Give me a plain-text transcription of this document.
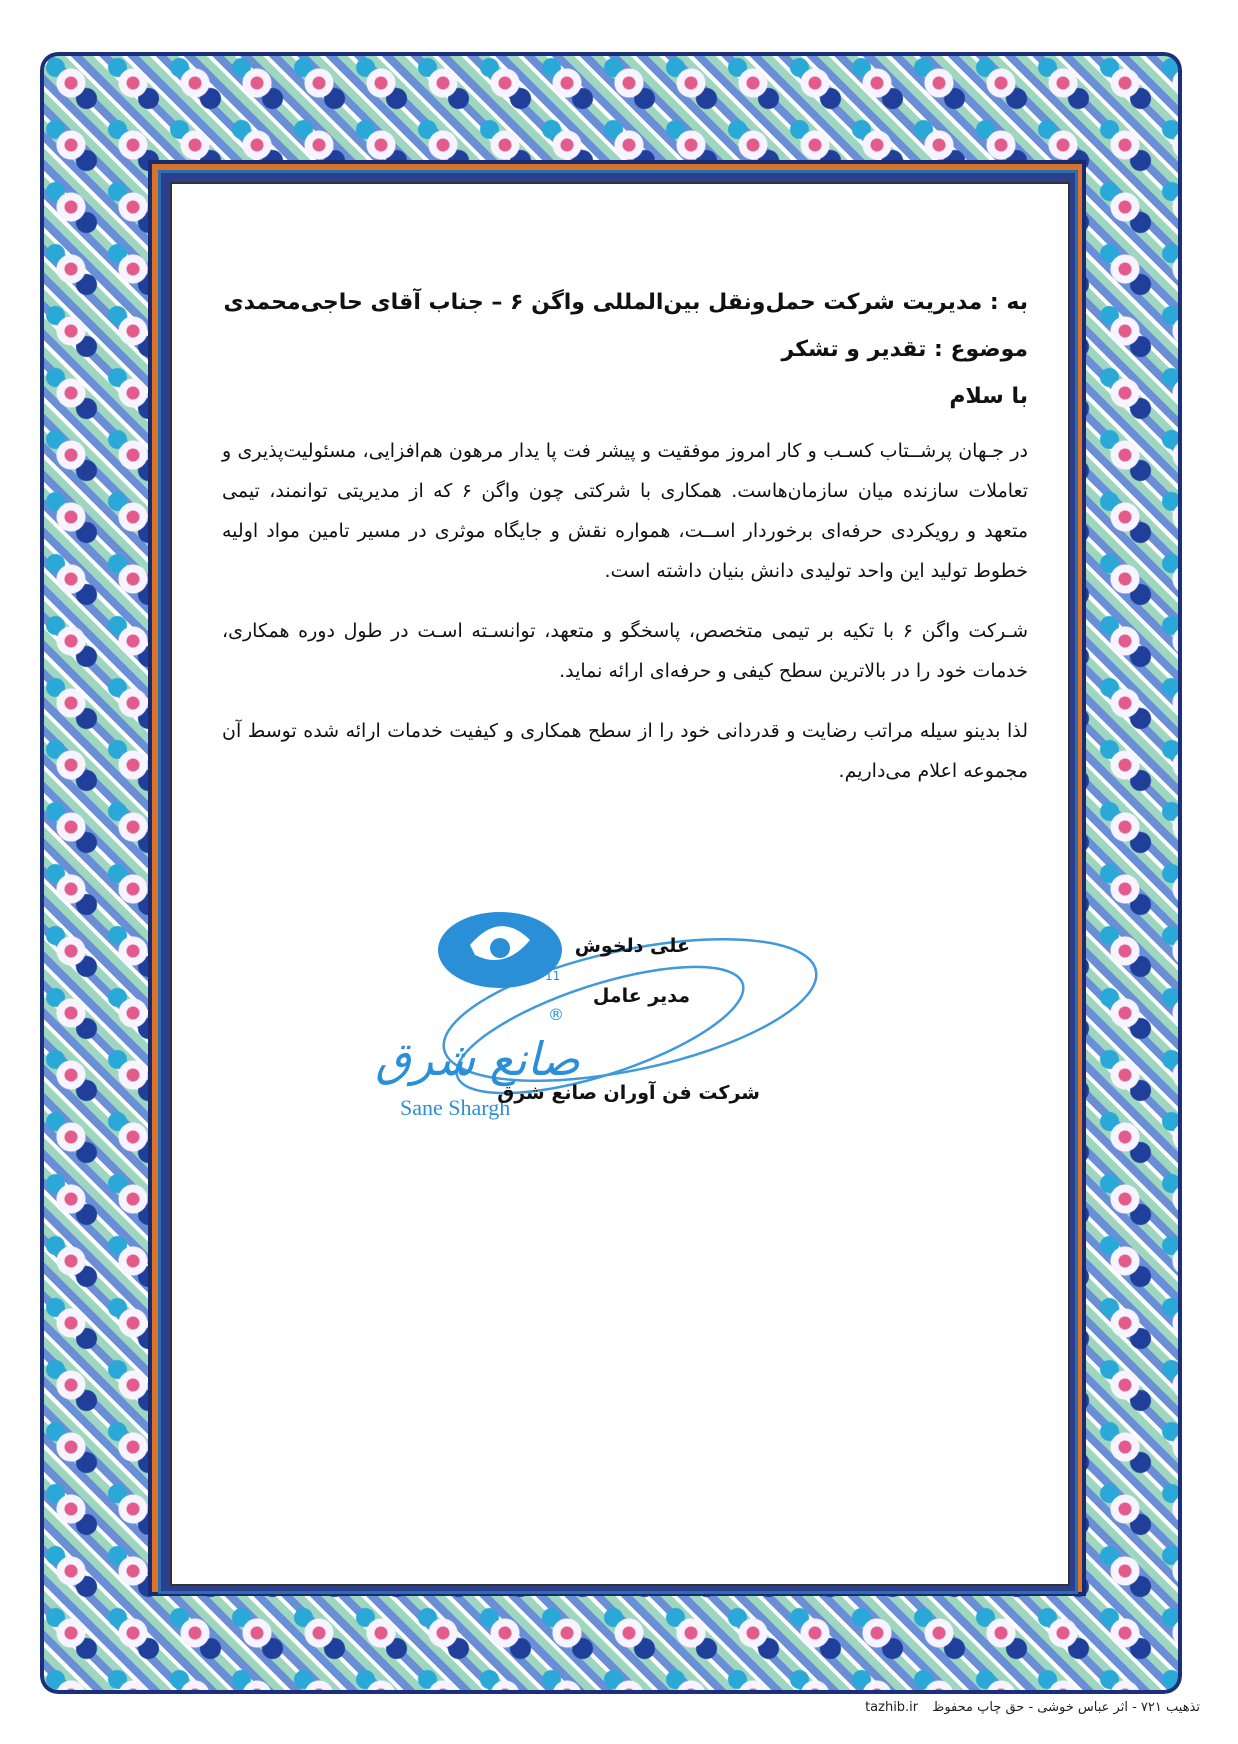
به : مدیریت شرکت حمل‌ونقل بین‌المللی واگن ۶ – جناب آقای حاجی‌محمدی
موضوع : تقدیر و تشکر
با سلام

در جـهان پرشــتاب کسـب و کار امروز موفقیت و پیشر فت پا یدار مرهون هم‌افزایی، مسئولیت‌پذیری و تعاملات سازنده میان سازمان‌هاست. همکاری با شرکتی چون واگن ۶ که از مدیریتی توانمند، تیمی متعهد و رویکردی حرفه‌ای برخوردار اســت، همواره نقش و جایگاه موثری در مسیر تامین مواد اولیه خطوط تولید این واحد تولیدی دانش بنیان داشته است.

شـرکت واگن ۶ با تکیه بر تیمی متخصص، پاسخگو و متعهد، توانسـته اسـت در طول دوره همکاری، خدمات خود را در بالاترین سطح کیفی و حرفه‌ای ارائه نماید.

لذا بدینو سیله مراتب رضایت و قدردانی خود را از سطح همکاری و کیفیت خدمات ارائه شده توسط آن مجموعه اعلام می‌داریم.

11
®
صانع شرق
Sane Shargh
علی دلخوش
مدیر عامل
شرکت فن آوران صانع شرق
تذهیب ۷۲۱ - اثر عباس خوشی - حق چاپ محفوظ tazhib.ir
